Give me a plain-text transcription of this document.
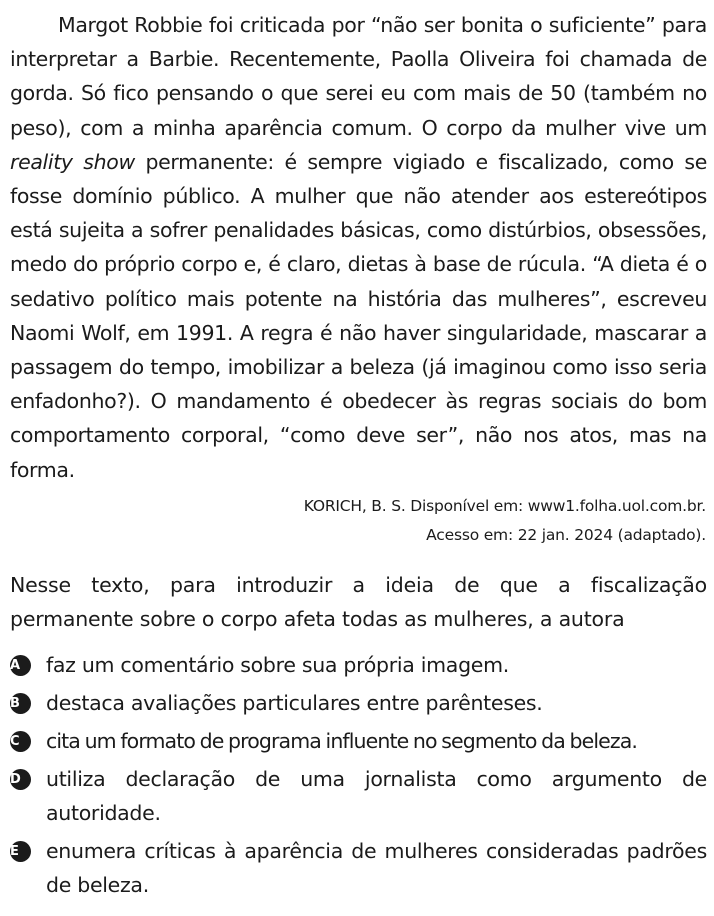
Margot Robbie foi criticada por “não ser bonita o suficiente” para interpretar a Barbie. Recentemente, Paolla Oliveira foi chamada de gorda. Só fico pensando o que serei eu com mais de 50 (também no peso), com a minha aparência comum. O corpo da mulher vive um reality show permanente: é sempre vigiado e fiscalizado, como se fosse domínio público. A mulher que não atender aos estereótipos está sujeita a sofrer penalidades básicas, como distúrbios, obsessões, medo do próprio corpo e, é claro, dietas à base de rúcula. “A dieta é o sedativo político mais potente na história das mulheres”, escreveu Naomi Wolf, em 1991. A regra é não haver singularidade, mascarar a passagem do tempo, imobilizar a beleza (já imaginou como isso seria enfadonho?). O mandamento é obedecer às regras sociais do bom comportamento corporal, “como deve ser”, não nos atos, mas na forma.

KORICH, B. S. Disponível em: www1.folha.uol.com.br.
Acesso em: 22 jan. 2024 (adaptado).

Nesse texto, para introduzir a ideia de que a fiscalização permanente sobre o corpo afeta todas as mulheres, a autora

A	faz um comentário sobre sua própria imagem.
B	destaca avaliações particulares entre parênteses.
C	cita um formato de programa influente no segmento da beleza.
D	utiliza declaração de uma jornalista como argumento de autoridade.
E	enumera críticas à aparência de mulheres consideradas padrões de beleza.
